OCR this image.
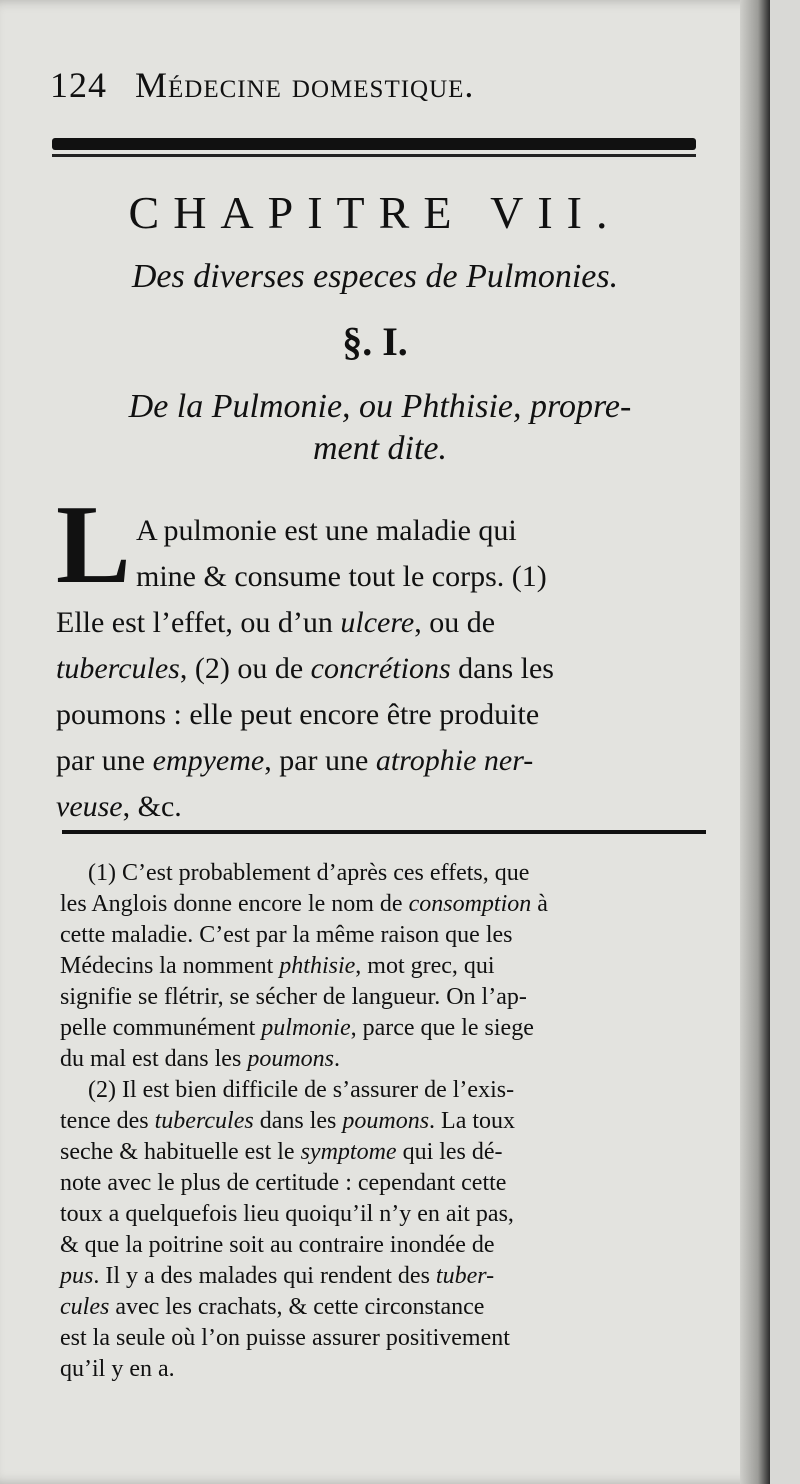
124 Médecine domestique.
CHAPITRE VII.
Des diverses especes de Pulmonies.
§. I.
De la Pulmonie, ou Phthisie, propre-
ment dite.
L A pulmonie est une maladie qui
mine & consume tout le corps. (1)
Elle est l’effet, ou d’un ulcere, ou de
tubercules, (2) ou de concrétions dans les
poumons : elle peut encore être produite
par une empyeme, par une atrophie ner-
veuse, &c.
(1) C’est probablement d’après ces effets, que
les Anglois donne encore le nom de consomption à
cette maladie. C’est par la même raison que les
Médecins la nomment phthisie, mot grec, qui
signifie se flétrir, se sécher de langueur. On l’ap-
pelle communément pulmonie, parce que le siege
du mal est dans les poumons.
(2) Il est bien difficile de s’assurer de l’exis-
tence des tubercules dans les poumons. La toux
seche & habituelle est le symptome qui les dé-
note avec le plus de certitude : cependant cette
toux a quelquefois lieu quoiqu’il n’y en ait pas,
& que la poitrine soit au contraire inondée de
pus. Il y a des malades qui rendent des tuber-
cules avec les crachats, & cette circonstance
est la seule où l’on puisse assurer positivement
qu’il y en a.
